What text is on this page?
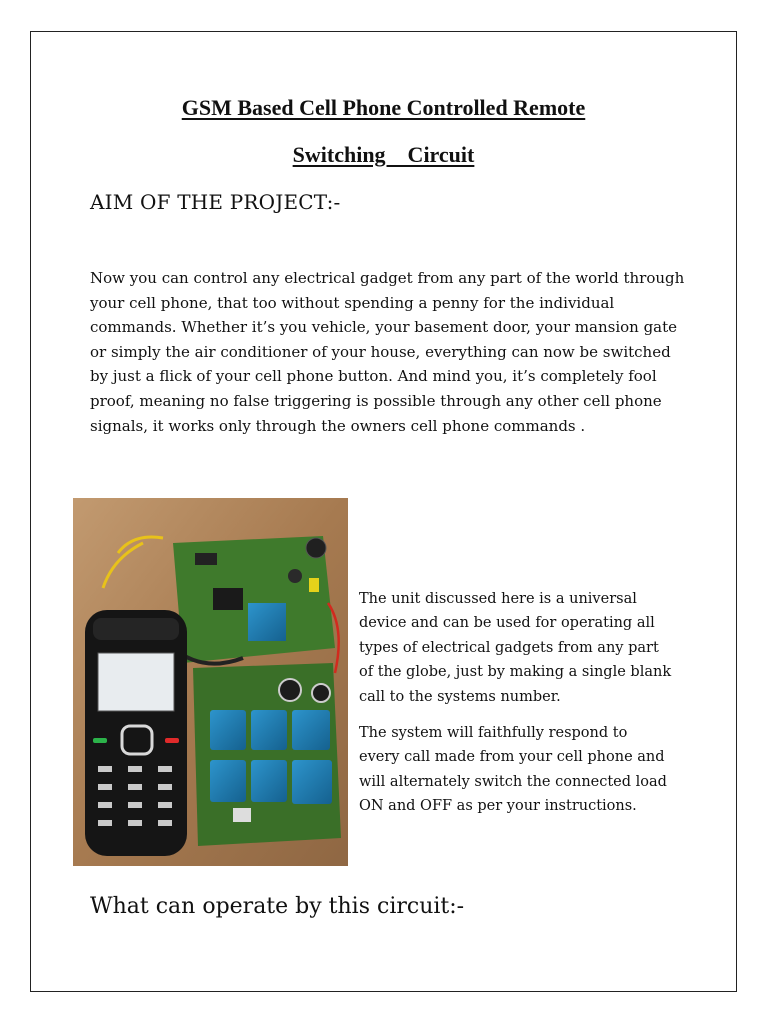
GSM Based Cell Phone Controlled Remote
Switching    Circuit
AIM OF THE PROJECT:-
Now you can control any electrical gadget from any part of the world through
your cell phone, that too without spending a penny for the individual
commands. Whether it’s you vehicle, your basement door, your mansion gate
or simply the air conditioner of your house, everything can now be switched
by just a flick of your cell phone button. And mind you, it’s completely fool
proof, meaning no false triggering is possible through any other cell phone
signals, it works only through the owners cell phone commands .
The unit discussed here is a universal
device and can be used for operating all
types of electrical gadgets from any part
of the globe, just by making a single blank
call to the systems number.
The system will faithfully respond to
every call made from your cell phone and
will alternately switch the connected load
ON and OFF as per your instructions.
What can operate by this circuit:-
